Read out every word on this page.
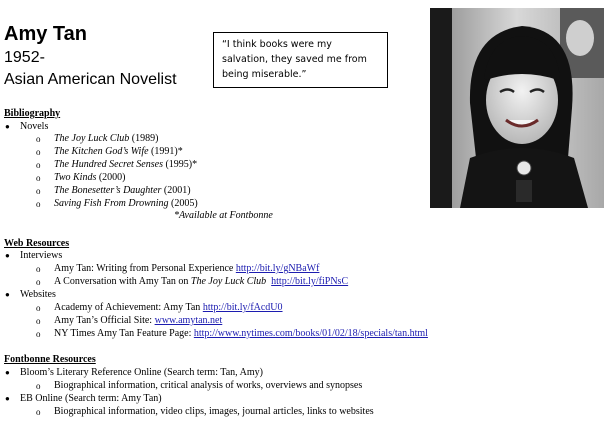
Amy Tan
1952-
Asian American Novelist
“I think books were my salvation, they saved me from being miserable.”
Bibliography
● Novels
o The Joy Luck Club (1989)
o The Kitchen God’s Wife (1991)*
o The Hundred Secret Senses (1995)*
o Two Kinds (2000)
o The Bonesetter’s Daughter (2001)
o Saving Fish From Drowning (2005)
*Available at Fontbonne
Web Resources
● Interviews
o Amy Tan: Writing from Personal Experience http://bit.ly/gNBaWf
o A Conversation with Amy Tan on The Joy Luck Club http://bit.ly/fiPNsC
● Websites
o Academy of Achievement: Amy Tan http://bit.ly/fAcdU0
o Amy Tan’s Official Site: www.amytan.net
o NY Times Amy Tan Feature Page: http://www.nytimes.com/books/01/02/18/specials/tan.html
Fontbonne Resources
● Bloom’s Literary Reference Online (Search term: Tan, Amy)
o Biographical information, critical analysis of works, overviews and synopses
● EB Online (Search term: Amy Tan)
o Biographical information, video clips, images, journal articles, links to websites
